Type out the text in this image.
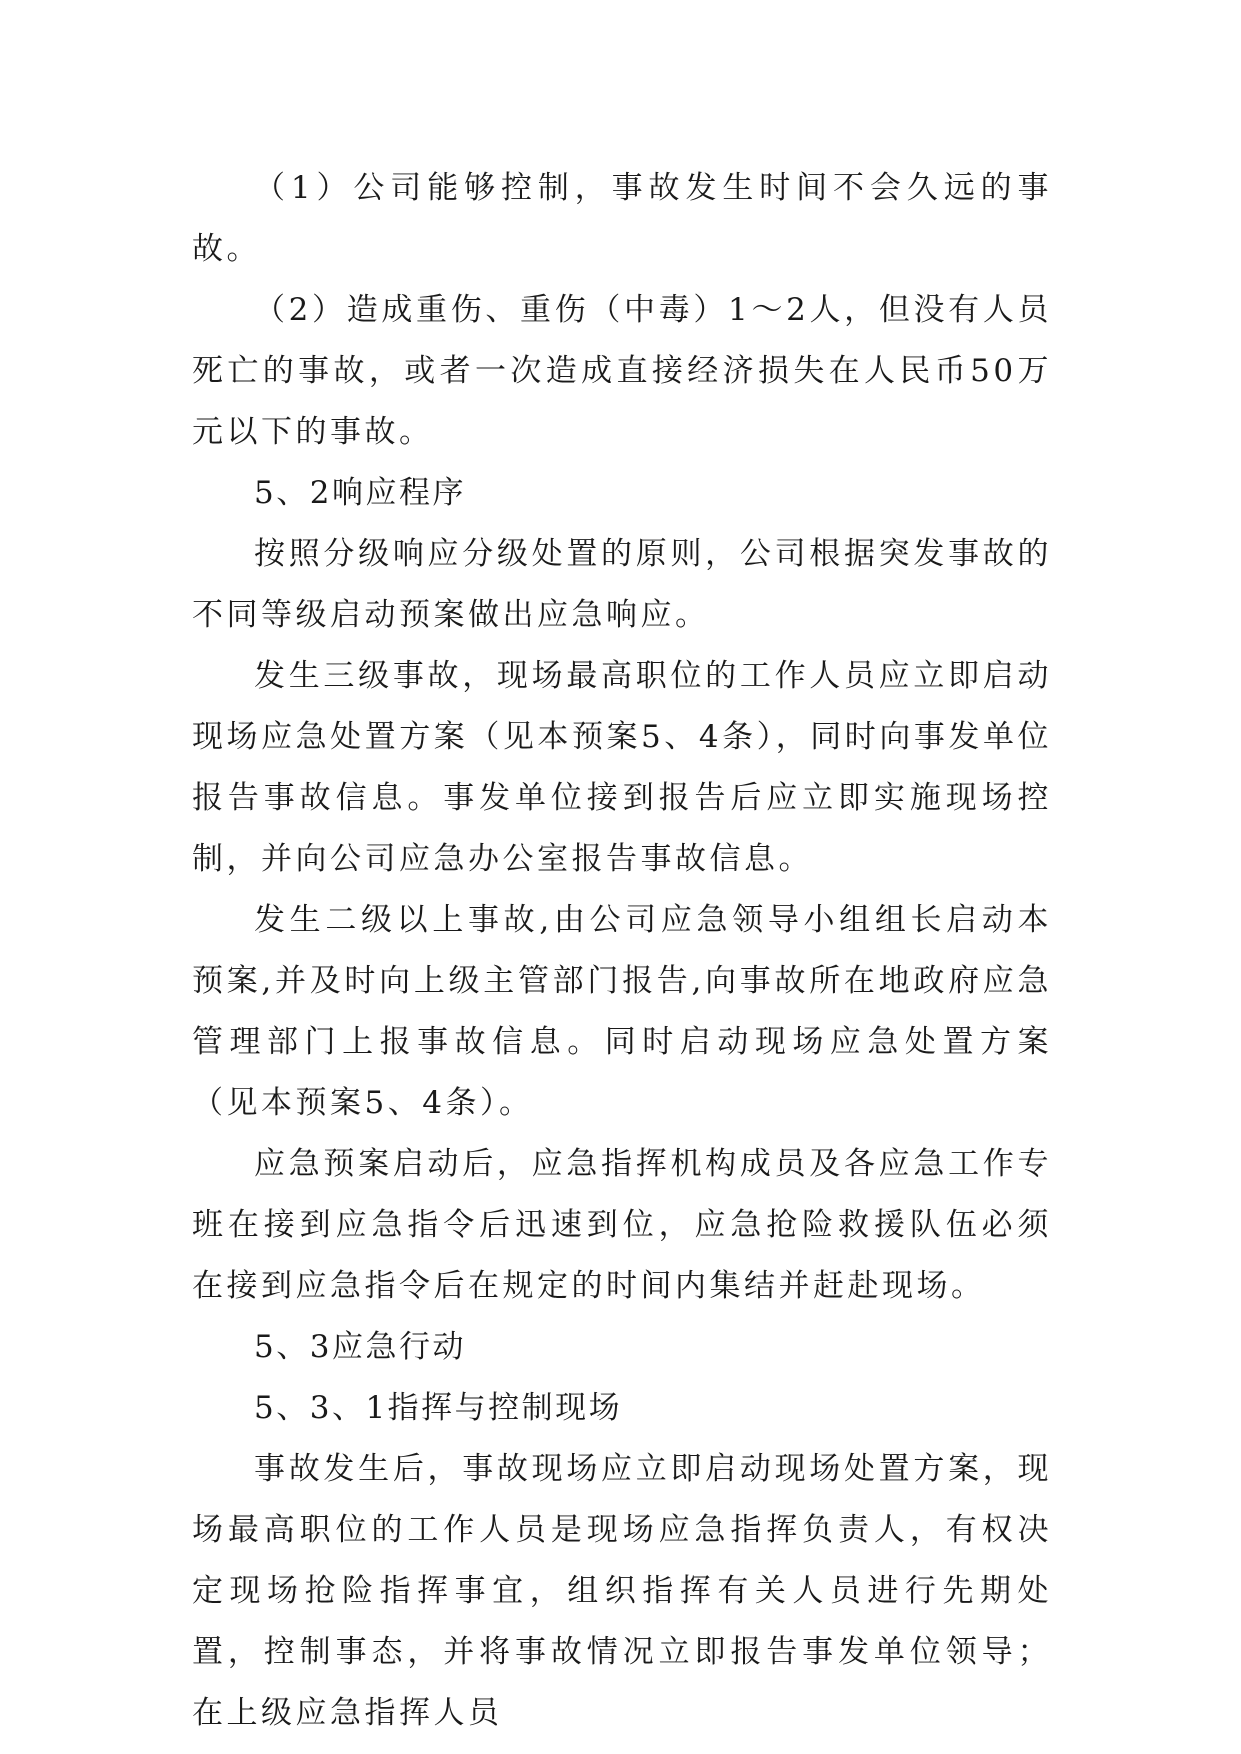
（1）公司能够控制，事故发生时间不会久远的事故。

（2）造成重伤、重伤（中毒）1～2人，但没有人员死亡的事故，或者一次造成直接经济损失在人民币50万元以下的事故。

5、2响应程序

按照分级响应分级处置的原则，公司根据突发事故的不同等级启动预案做出应急响应。

发生三级事故，现场最高职位的工作人员应立即启动现场应急处置方案（见本预案5、4条），同时向事发单位报告事故信息。事发单位接到报告后应立即实施现场控制，并向公司应急办公室报告事故信息。

发生二级以上事故,由公司应急领导小组组长启动本预案,并及时向上级主管部门报告,向事故所在地政府应急管理部门上报事故信息。同时启动现场应急处置方案（见本预案5、4条）。

应急预案启动后，应急指挥机构成员及各应急工作专班在接到应急指令后迅速到位，应急抢险救援队伍必须在接到应急指令后在规定的时间内集结并赶赴现场。

5、3应急行动

5、3、1指挥与控制现场

事故发生后，事故现场应立即启动现场处置方案，现场最高职位的工作人员是现场应急指挥负责人，有权决定现场抢险指挥事宜，组织指挥有关人员进行先期处置，控制事态，并将事故情况立即报告事发单位领导；在上级应急指挥人员
